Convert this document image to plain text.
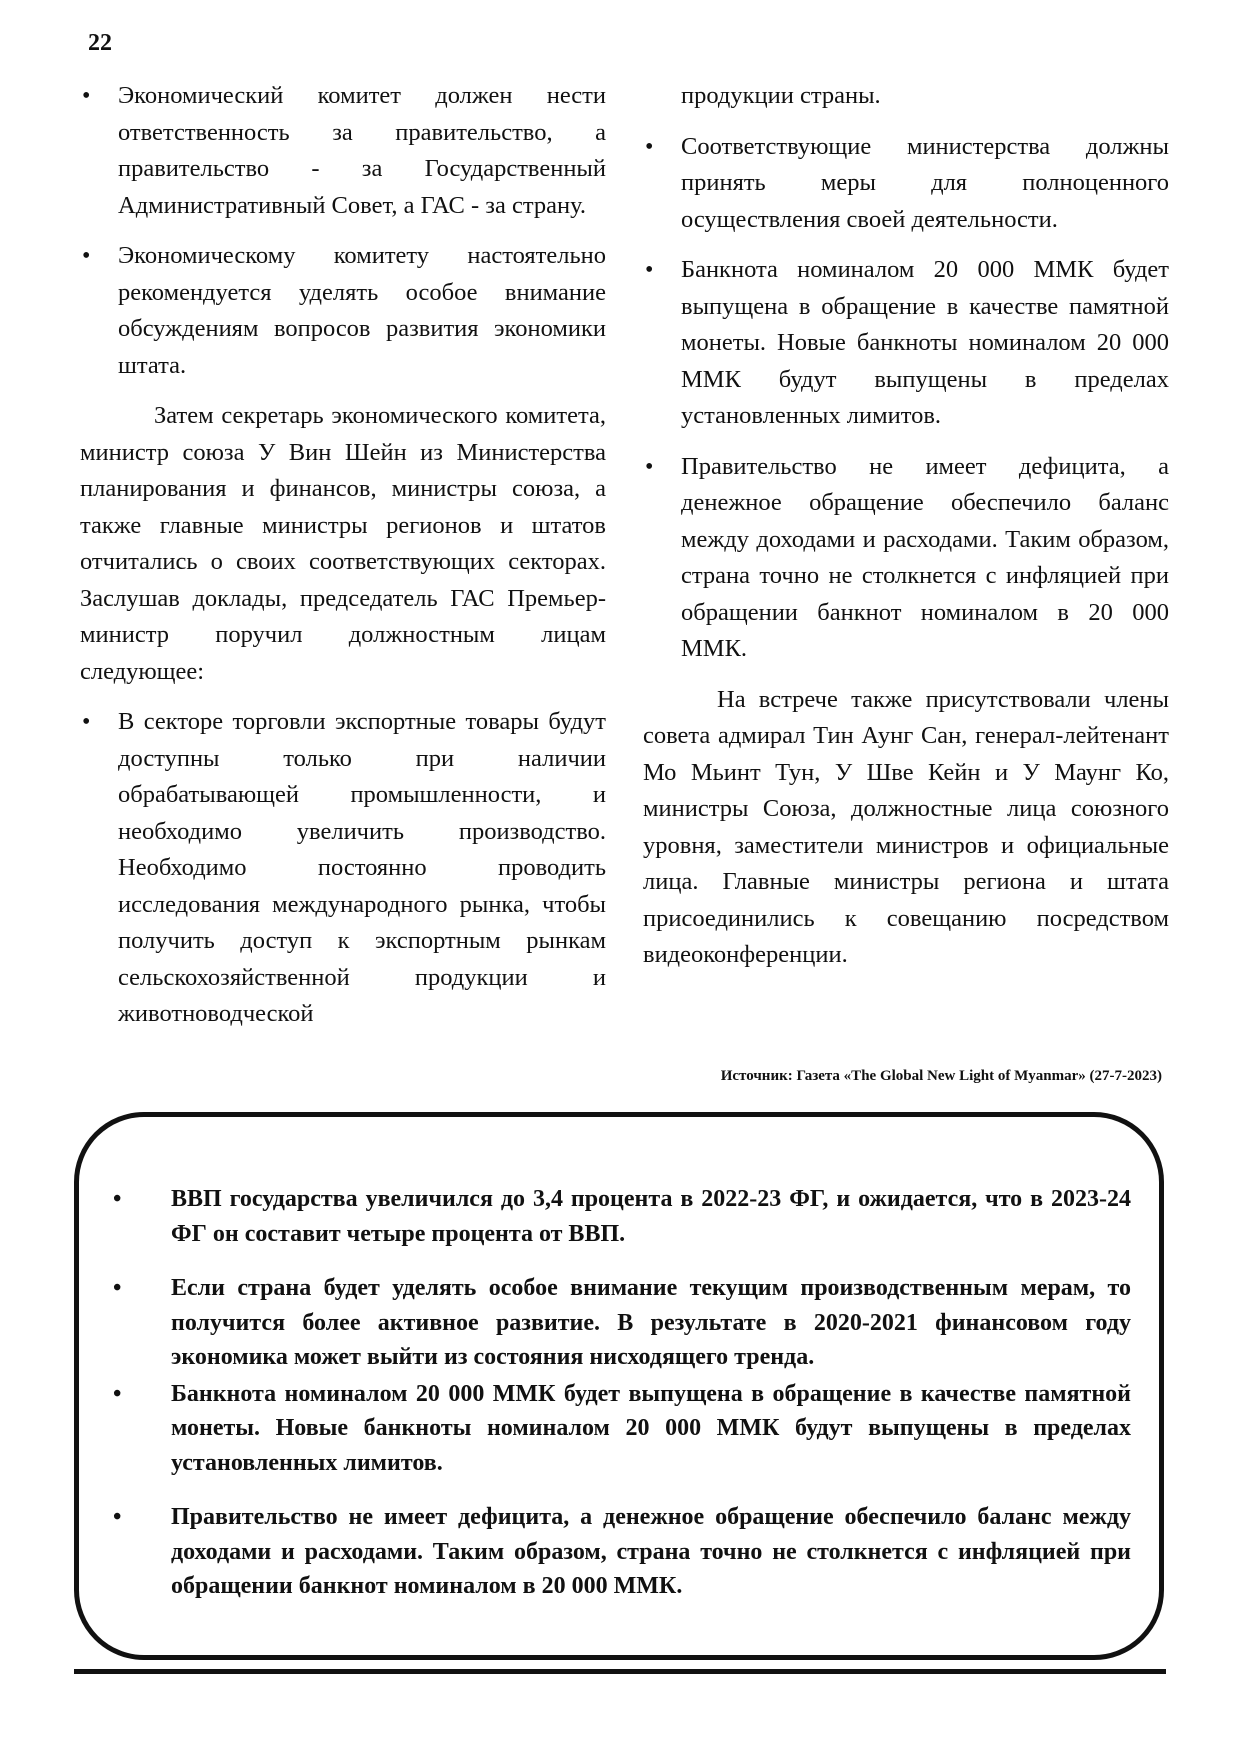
22
• Экономический комитет должен нести ответственность за правительство, а правительство - за Государственный Административный Совет, а ГАС - за страну.
• Экономическому комитету настоятельно рекомендуется уделять особое внимание обсуждениям вопросов развития экономики штата.

Затем секретарь экономического комитета, министр союза У Вин Шейн из Министерства планирования и финансов, министры союза, а также главные министры регионов и штатов отчитались о своих соответствующих секторах. Заслушав доклады, председатель ГАС Премьер-министр поручил должностным лицам следующее:

• В секторе торговли экспортные товары будут доступны только при наличии обрабатывающей промышленности, и необходимо увеличить производство. Необходимо постоянно проводить исследования международного рынка, чтобы получить доступ к экспортным рынкам сельскохозяйственной продукции и животноводческой

продукции страны.

• Соответствующие министерства должны принять меры для полноценного осуществления своей деятельности.
• Банкнота номиналом 20 000 ММК будет выпущена в обращение в качестве памятной монеты. Новые банкноты номиналом 20 000 ММК будут выпущены в пределах установленных лимитов.
• Правительство не имеет дефицита, а денежное обращение обеспечило баланс между доходами и расходами. Таким образом, страна точно не столкнется с инфляцией при обращении банкнот номиналом в 20 000 ММК.

На встрече также присутствовали члены совета адмирал Тин Аунг Сан, генерал-лейтенант Мо Мьинт Тун, У Шве Кейн и У Маунг Ко, министры Союза, должностные лица союзного уровня, заместители министров и официальные лица. Главные министры региона и штата присоединились к совещанию посредством видеоконференции.

Источник: Газета «The Global New Light of Myanmar» (27-7-2023)
• ВВП государства увеличился до 3,4 процента в 2022-23 ФГ, и ожидается, что в 2023-24 ФГ он составит четыре процента от ВВП.
• Если страна будет уделять особое внимание текущим производственным мерам, то получится более активное развитие. В результате в 2020-2021 финансовом году экономика может выйти из состояния нисходящего тренда.
• Банкнота номиналом 20 000 ММК будет выпущена в обращение в качестве памятной монеты. Новые банкноты номиналом 20 000 ММК будут выпущены в пределах установленных лимитов.
• Правительство не имеет дефицита, а денежное обращение обеспечило баланс между доходами и расходами. Таким образом, страна точно не столкнется с инфляцией при обращении банкнот номиналом в 20 000 ММК.
